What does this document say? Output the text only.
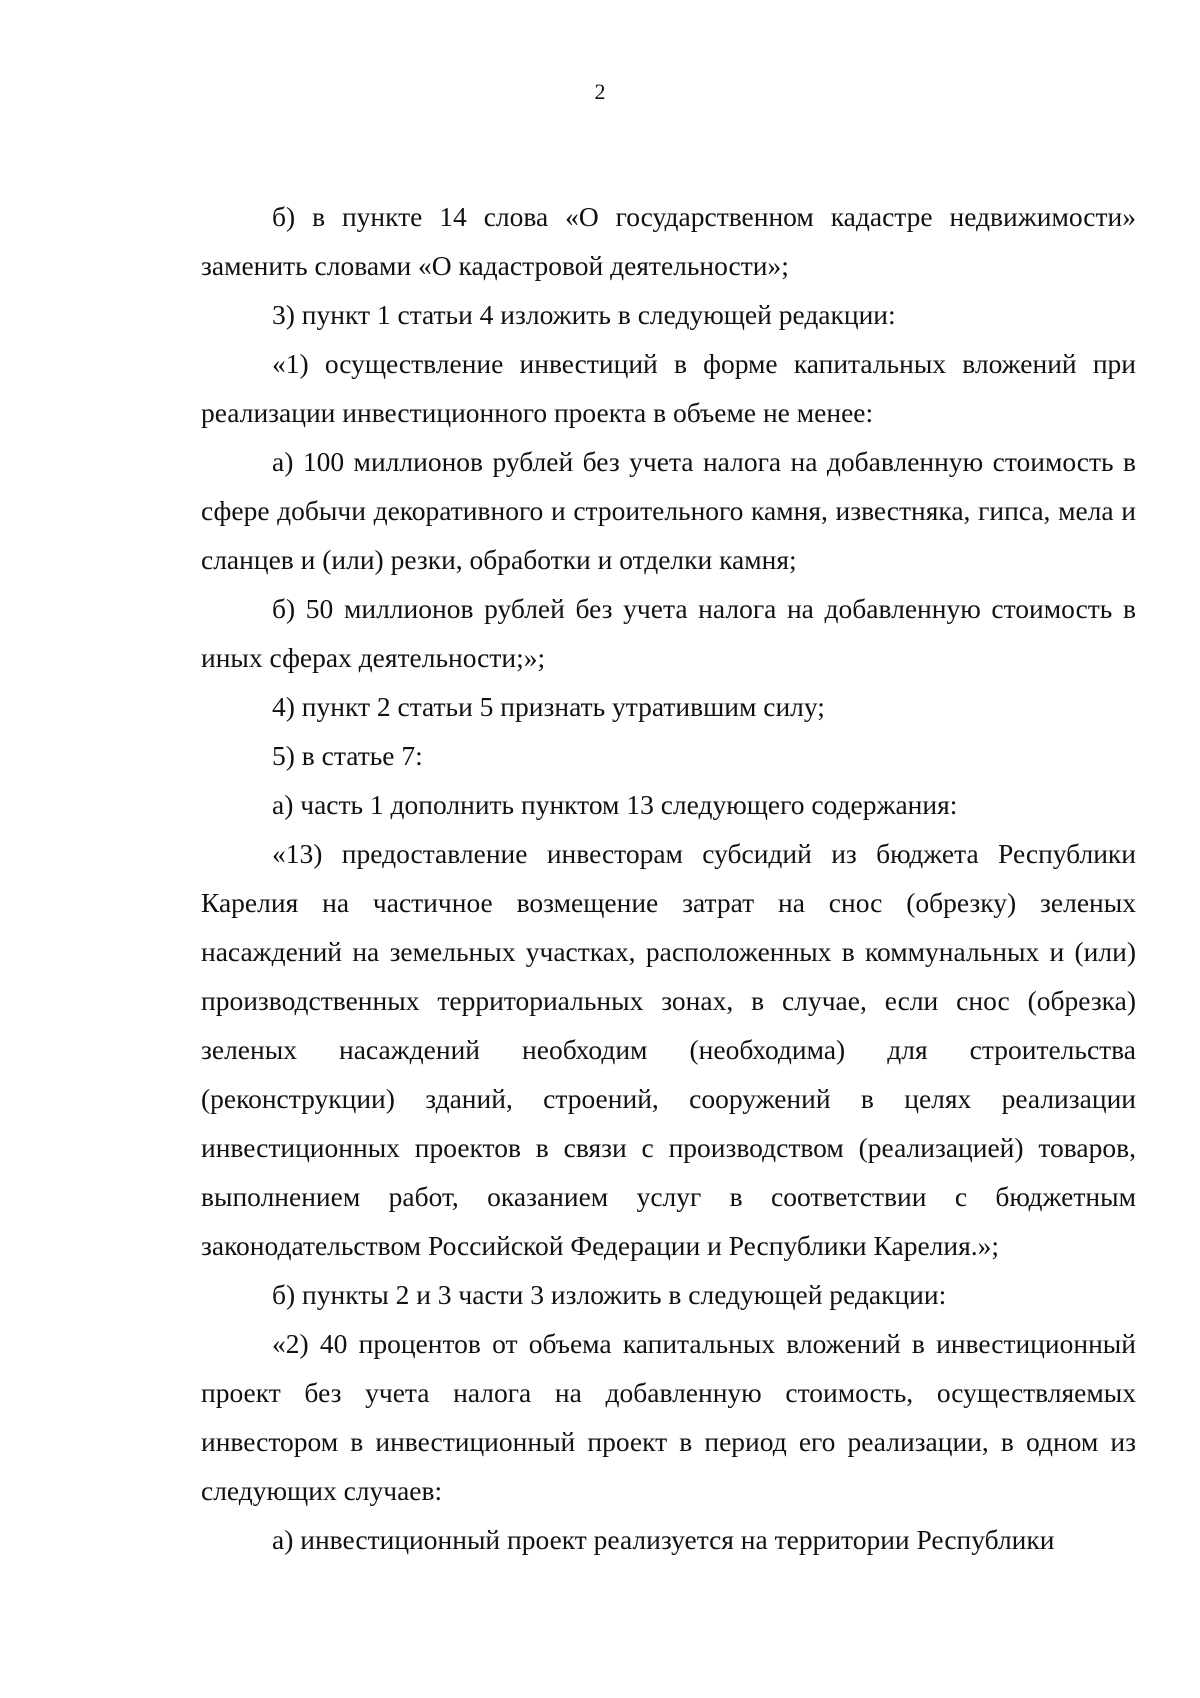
2

б) в пункте 14 слова «О государственном кадастре недвижимости» заменить словами «О кадастровой деятельности»;

3) пункт 1 статьи 4 изложить в следующей редакции:

«1) осуществление инвестиций в форме капитальных вложений при реализации инвестиционного проекта в объеме не менее:

а) 100 миллионов рублей без учета налога на добавленную стоимость в сфере добычи декоративного и строительного камня, известняка, гипса, мела и сланцев и (или) резки, обработки и отделки камня;

б) 50 миллионов рублей без учета налога на добавленную стоимость в иных сферах деятельности;»;

4) пункт 2 статьи 5 признать утратившим силу;

5) в статье 7:

а) часть 1 дополнить пунктом 13 следующего содержания:

«13) предоставление инвесторам субсидий из бюджета Республики Карелия на частичное возмещение затрат на снос (обрезку) зеленых насаждений на земельных участках, расположенных в коммунальных и (или) производственных территориальных зонах, в случае, если снос (обрезка) зеленых насаждений необходим (необходима) для строительства (реконструкции) зданий, строений, сооружений в целях реализации инвестиционных проектов в связи с производством (реализацией) товаров, выполнением работ, оказанием услуг в соответствии с бюджетным законодательством Российской Федерации и Республики Карелия.»;

б) пункты 2 и 3 части 3 изложить в следующей редакции:

«2) 40 процентов от объема капитальных вложений в инвестиционный проект без учета налога на добавленную стоимость, осуществляемых инвестором в инвестиционный проект в период его реализации, в одном из следующих случаев:

а) инвестиционный проект реализуется на территории Республики
